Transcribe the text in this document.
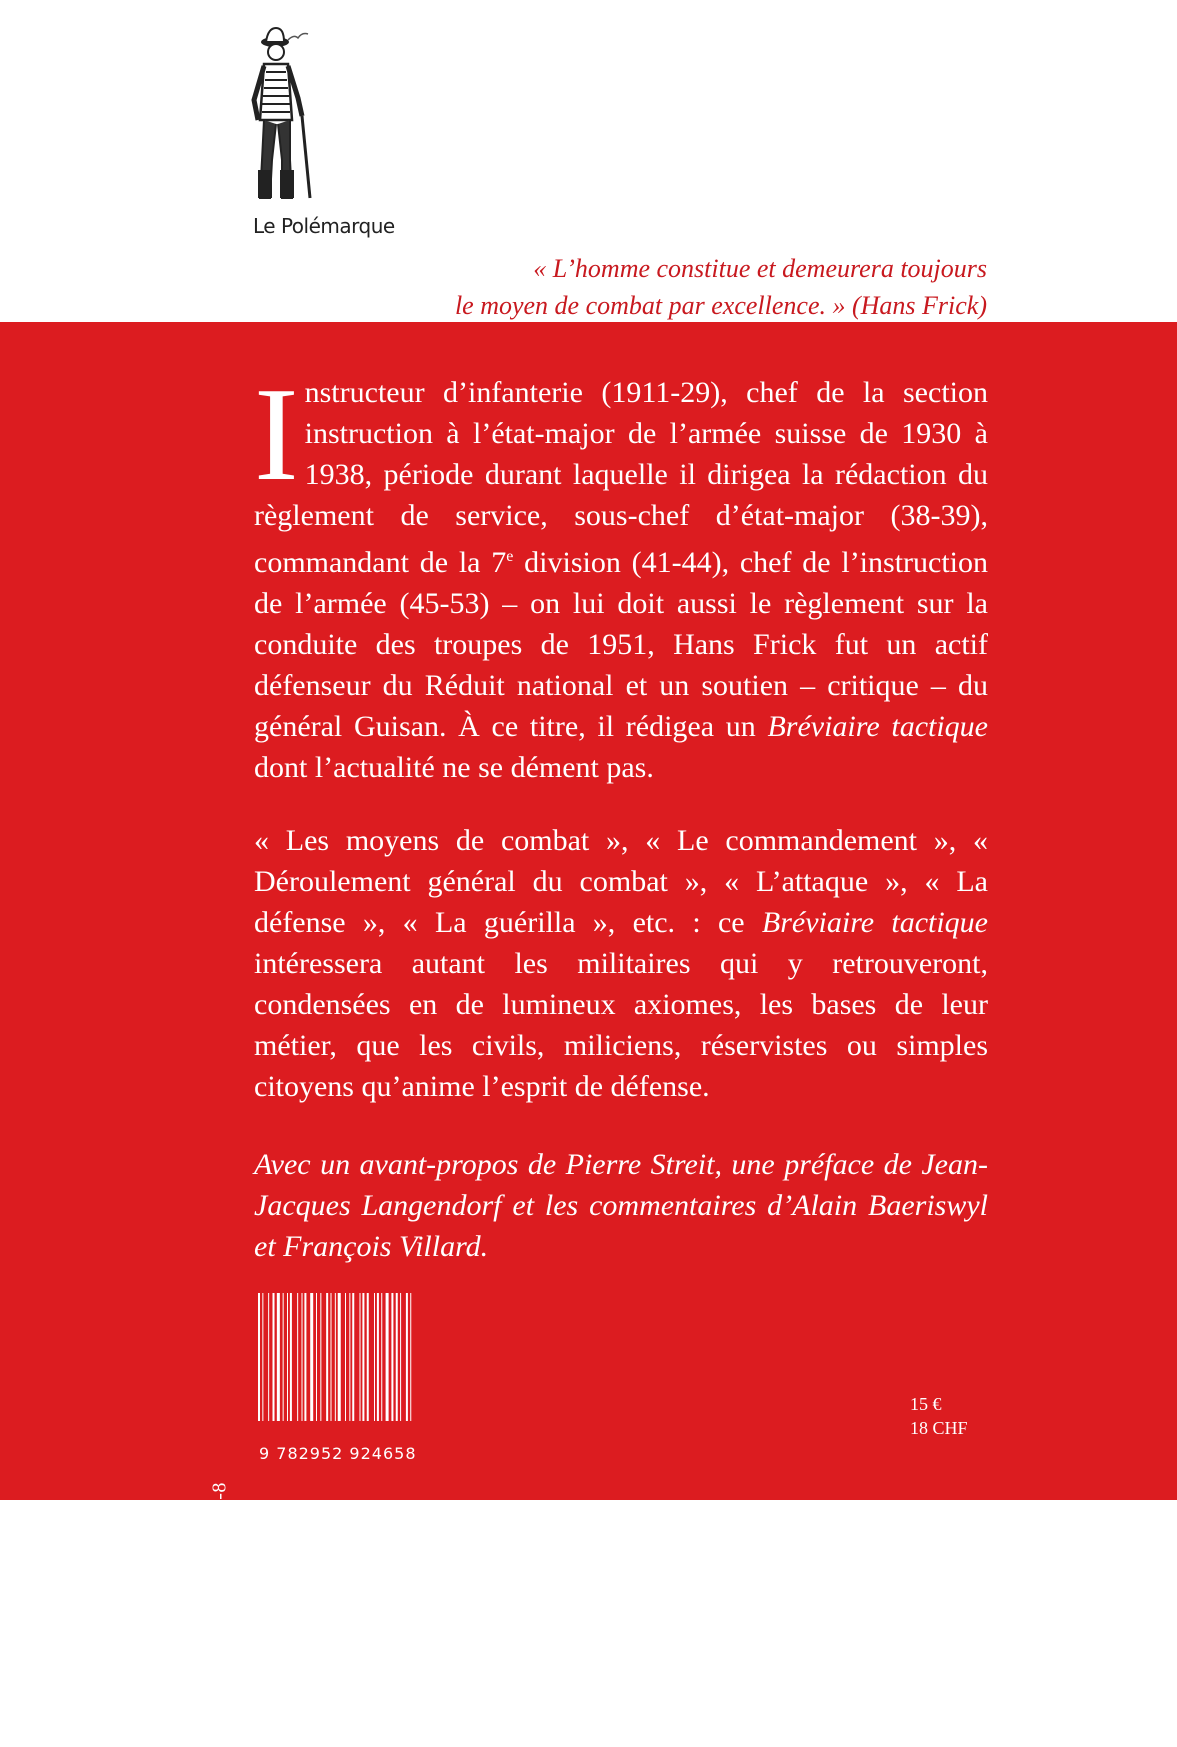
Le Polémarque
« L’homme constitue et demeurera toujours
le moyen de combat par excellence. » (Hans Frick)
Instructeur d’infanterie (1911-29), chef de la section instruction à l’état-major de l’armée suisse de 1930 à 1938, période durant laquelle il dirigea la rédaction du règlement de service, sous-chef d’état-major (38-39), commandant de la 7e division (41-44), chef de l’instruction de l’armée (45-53) – on lui doit aussi le règlement sur la conduite des troupes de 1951, Hans Frick fut un actif défenseur du Réduit national et un soutien – critique – du général Guisan. À ce titre, il rédigea un Bréviaire tactique dont l’actualité ne se dément pas.
« Les moyens de combat », « Le commandement », « Déroulement général du combat », « L’attaque », « La défense », « La guérilla », etc. : ce Bréviaire tactique intéressera autant les militaires qui y retrouveront, condensées en de lumineux axiomes, les bases de leur métier, que les civils, miliciens, réservistes ou simples citoyens qu’anime l’esprit de défense.
Avec un avant-propos de Pierre Streit, une préface de Jean-Jacques Langendorf et les commentaires d’Alain Baeriswyl et François Villard.
ISBN : 978-2-9529246-5-8
9 782952 924658
15 €
18 CHF
